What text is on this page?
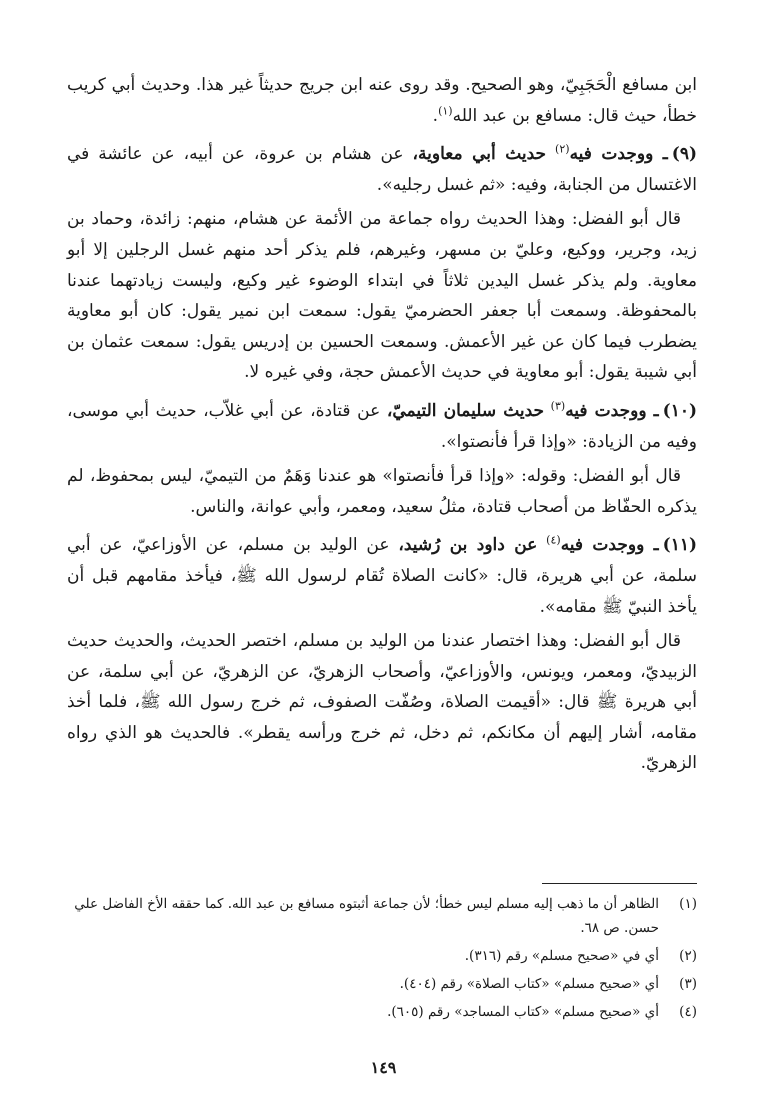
ابن مسافع الْحَجَبِيّ، وهو الصحيح. وقد روى عنه ابن جريج حديثاً غير هذا. وحديث أبي كريب خطأ، حيث قال: مسافع بن عبد الله$^{(١)}$.

(٩)ـ ووجدت فيه$^{(٢)}$ حديث أبي معاوية، عن هشام بن عروة، عن أبيه، عن عائشة في الاغتسال من الجنابة، وفيه: «ثم غسل رجليه».

قال أبو الفضل: وهذا الحديث رواه جماعة من الأئمة عن هشام، منهم: زائدة، وحماد بن زيد، وجرير، ووكيع، وعليّ بن مسهر، وغيرهم، فلم يذكر أحد منهم غسل الرجلين إلا أبو معاوية. ولم يذكر غسل اليدين ثلاثاً في ابتداء الوضوء غير وكيع، وليست زيادتهما عندنا بالمحفوظة. وسمعت أبا جعفر الحضرميّ يقول: سمعت ابن نمير يقول: كان أبو معاوية يضطرب فيما كان عن غير الأعمش. وسمعت الحسين بن إدريس يقول: سمعت عثمان بن أبي شيبة يقول: أبو معاوية في حديث الأعمش حجة، وفي غيره لا.

(١٠)ـ ووجدت فيه$^{(٣)}$ حديث سليمان التيميّ، عن قتادة، عن أبي غلاّب، حديث أبي موسى، وفيه من الزيادة: «وإذا قرأ فأنصتوا».

قال أبو الفضل: وقوله: «وإذا قرأ فأنصتوا» هو عندنا وَهَمٌ من التيميّ، ليس بمحفوظ، لم يذكره الحفّاظ من أصحاب قتادة، مثلُ سعيد، ومعمر، وأبي عوانة، والناس.

(١١)ـ ووجدت فيه$^{(٤)}$ عن داود بن رُشيد، عن الوليد بن مسلم، عن الأوزاعيّ، عن أبي سلمة، عن أبي هريرة، قال: «كانت الصلاة تُقام لرسول الله ﷺ، فيأخذ مقامهم قبل أن يأخذ النبيّ ﷺ مقامه».

قال أبو الفضل: وهذا اختصار عندنا من الوليد بن مسلم، اختصر الحديث، والحديث حديث الزبيديّ، ومعمر، ويونس، والأوزاعيّ، وأصحاب الزهريّ، عن الزهريّ، عن أبي سلمة، عن أبي هريرة ﷺ قال: «أقيمت الصلاة، وصُفّت الصفوف، ثم خرج رسول الله ﷺ، فلما أخذ مقامه، أشار إليهم أن مكانكم، ثم دخل، ثم خرج ورأسه يقطر». فالحديث هو الذي رواه الزهريّ.

(١)
الظاهر أن ما ذهب إليه مسلم ليس خطأ؛ لأن جماعة أثبتوه مسافع بن عبد الله. كما حققه الأخ الفاضل علي حسن. ص ٦٨.
(٢)
أي في «صحيح مسلم» رقم (٣١٦).
(٣)
أي «صحيح مسلم» «كتاب الصلاة» رقم (٤٠٤).
(٤)
أي «صحيح مسلم» «كتاب المساجد» رقم (٦٠٥).
١٤٩
